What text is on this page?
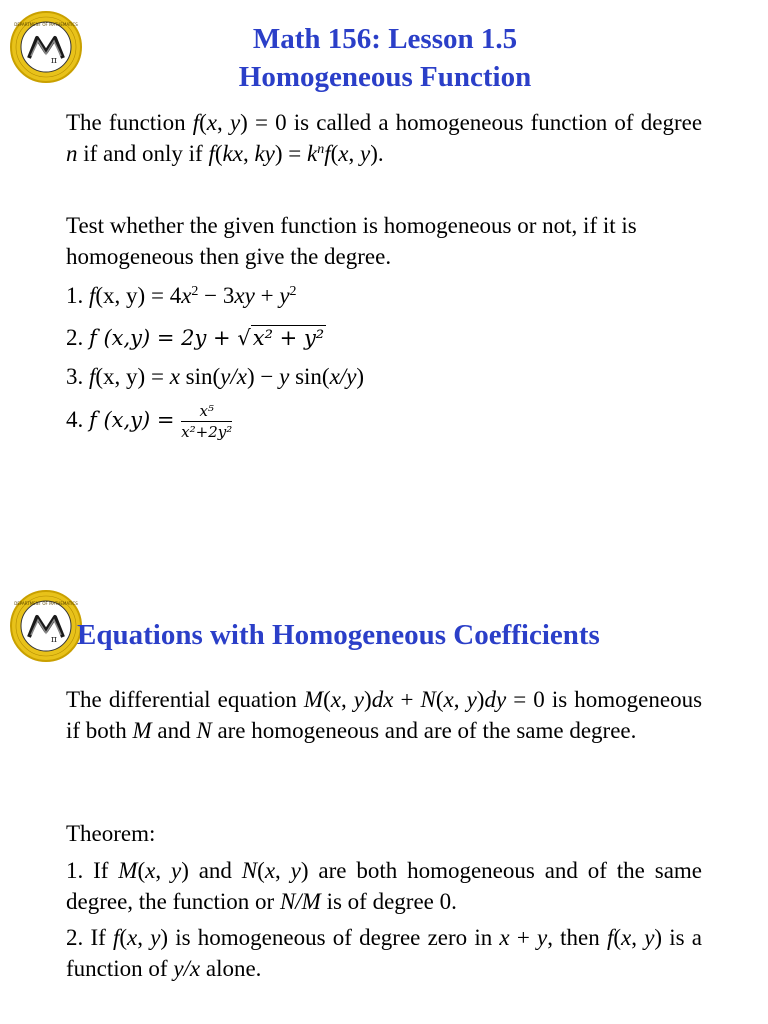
π
DEPARTMENT OF MATHEMATICS	Math 156: Lesson 1.5
Homogeneous Function
The function f(x, y) = 0 is called a homogeneous function of degree n if and only if f(kx, $ky) = k^nf(x$, y).
Test whether the given function is homogeneous or not, if it is homogeneous then give the degree.
1. f(x, $y) = 4x^2 - 3xy + y^2$
2. f (x,y) = 2y + √x² + y²
3. f(x, y) = x sin(y/x) − y sin(x/y)
4. f $(x,y) = \frac{\text{x⁵}}{\text{x²+2y²}}$
π
DEPARTMENT OF MATHEMATICS
Equations with Homogeneous Coefficients
The differential equation M(x, y)dx + N(x, y)dy = 0 is homogeneous if both M and N are homogeneous and are of the same degree.
Theorem:
1. If M(x, y) and N(x, y) are both homogeneous and of the same degree, the function or N/M is of degree 0.
2. If f(x, y) is homogeneous of degree zero in x + y, then f(x, y) is a function of y/x alone.
